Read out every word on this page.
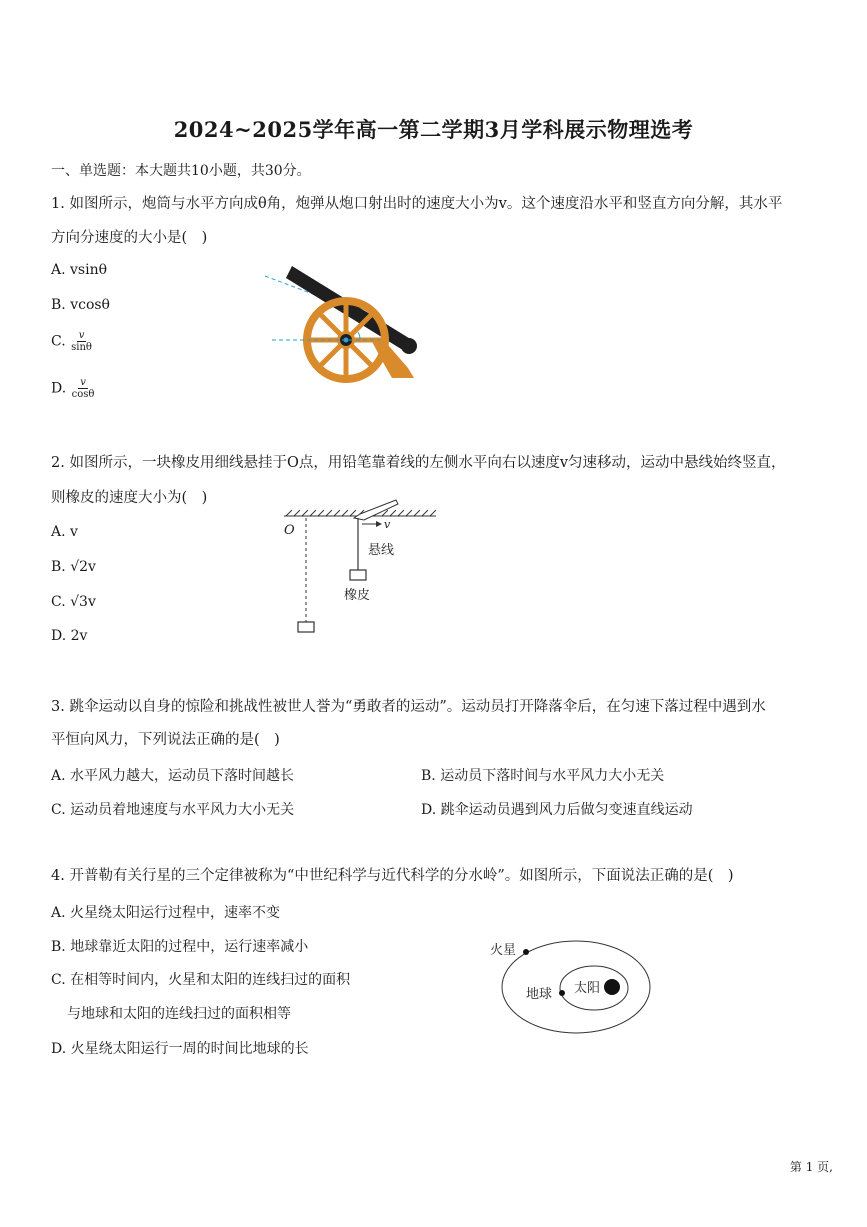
2024~2025学年高一第二学期3月学科展示物理选考
一、单选题：本大题共10小题，共30分。
1. 如图所示，炮筒与水平方向成θ角，炮弹从炮口射出时的速度大小为v。这个速度沿水平和竖直方向分解，其水平
方向分速度的大小是(　)
A. vsinθ
B. vcosθ
C. $\frac{v}{\sin\theta}$
D. $\frac{v}{\cos\theta}$
2. 如图所示，一块橡皮用细线悬挂于O点，用铅笔靠着线的左侧水平向右以速度v匀速移动，运动中悬线始终竖直，
则橡皮的速度大小为(　)
A. v
B. √2v
C. √3v
D. 2v
O	v
悬线
橡皮
3. 跳伞运动以自身的惊险和挑战性被世人誉为“勇敢者的运动”。运动员打开降落伞后，在匀速下落过程中遇到水
平恒向风力，下列说法正确的是(　)
A. 水平风力越大，运动员下落时间越长	B. 运动员下落时间与水平风力大小无关
C. 运动员着地速度与水平风力大小无关	D. 跳伞运动员遇到风力后做匀变速直线运动
4. 开普勒有关行星的三个定律被称为“中世纪科学与近代科学的分水岭”。如图所示，下面说法正确的是(　)
A. 火星绕太阳运行过程中，速率不变
B. 地球靠近太阳的过程中，运行速率减小
C. 在相等时间内，火星和太阳的连线扫过的面积
与地球和太阳的连线扫过的面积相等
D. 火星绕太阳运行一周的时间比地球的长
火星
地球 太阳
第 1 页,
